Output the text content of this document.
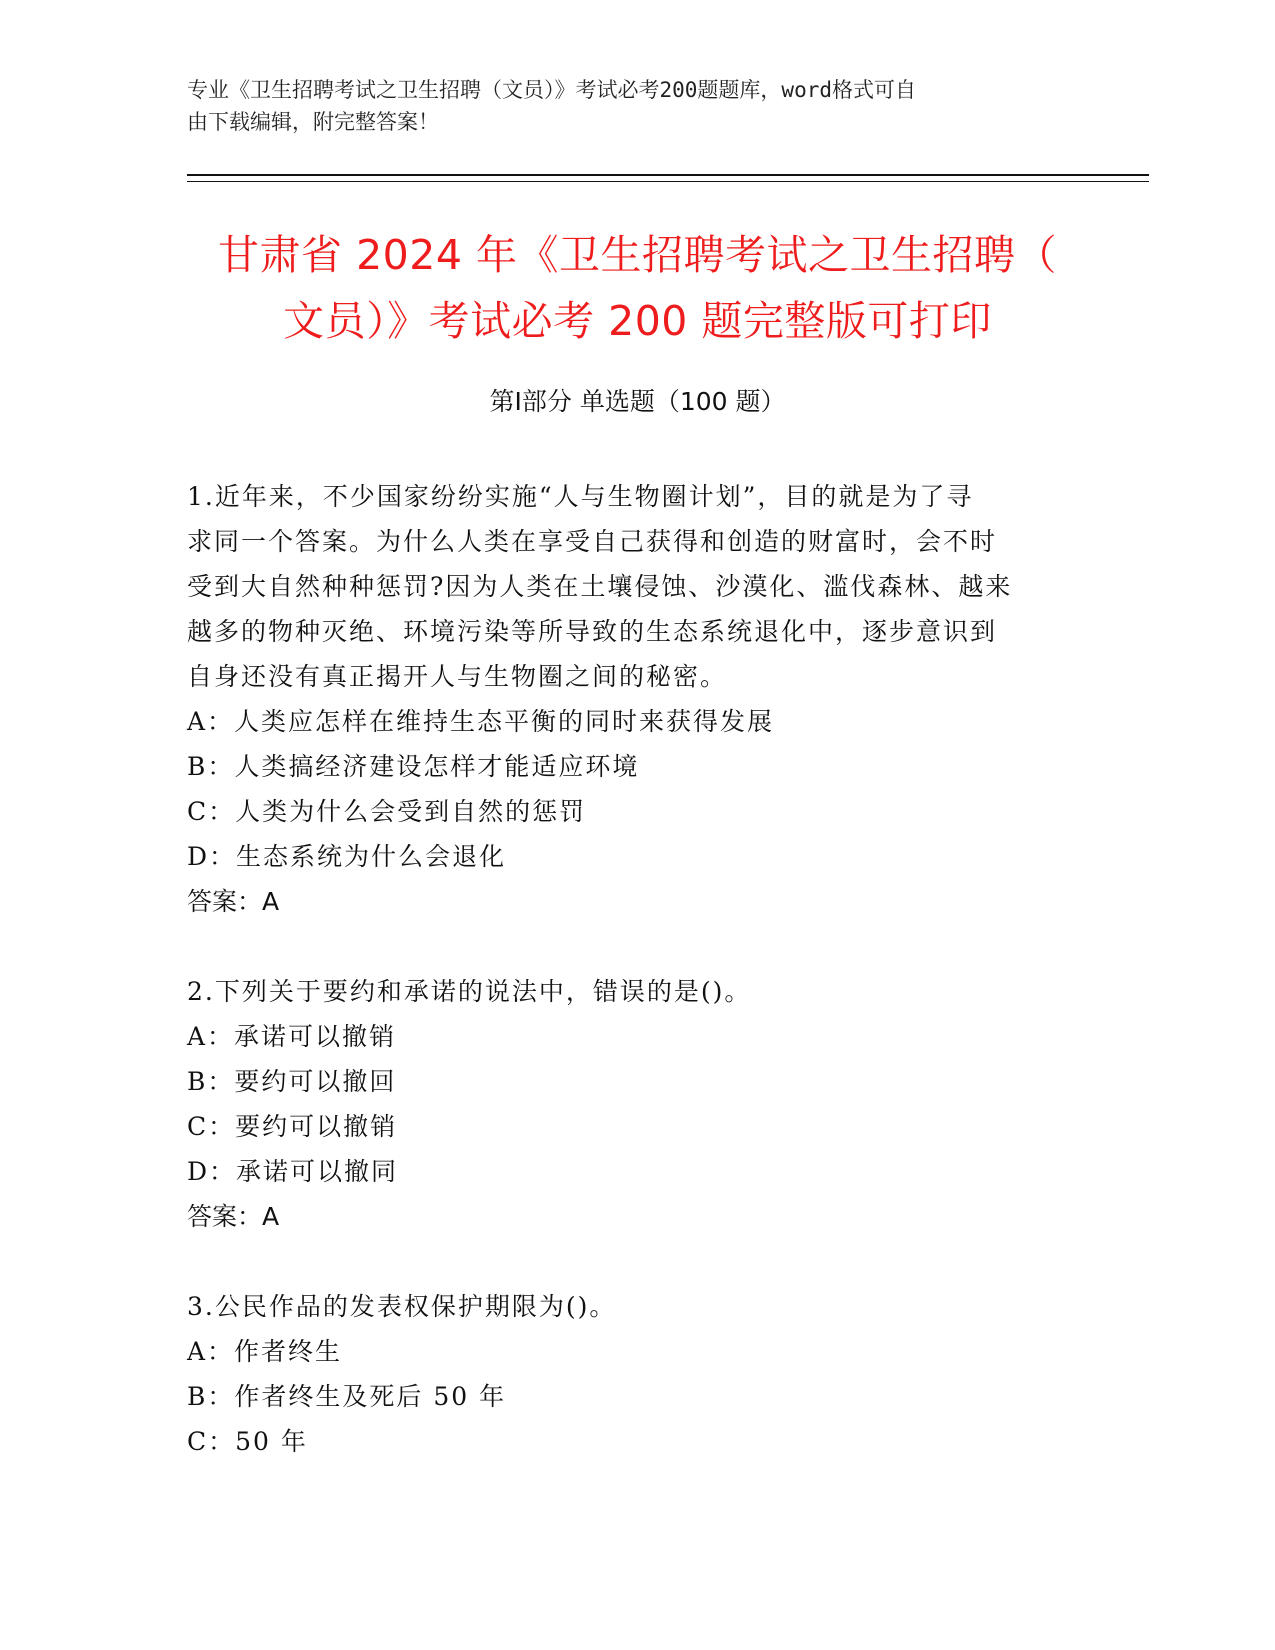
专业《卫生招聘考试之卫生招聘（文员）》考试必考200题题库，word格式可自
由下载编辑，附完整答案！
甘肃省 2024 年《卫生招聘考试之卫生招聘（
文员）》考试必考 200 题完整版可打印
第Ⅰ部分 单选题（100 题）

1.近年来，不少国家纷纷实施“人与生物圈计划”，目的就是为了寻

求同一个答案。为什么人类在享受自己获得和创造的财富时，会不时

受到大自然种种惩罚?因为人类在土壤侵蚀、沙漠化、滥伐森林、越来

越多的物种灭绝、环境污染等所导致的生态系统退化中，逐步意识到

自身还没有真正揭开人与生物圈之间的秘密。

A：人类应怎样在维持生态平衡的同时来获得发展

B：人类搞经济建设怎样才能适应环境

C：人类为什么会受到自然的惩罚

D：生态系统为什么会退化

答案：A

2.下列关于要约和承诺的说法中，错误的是()。

A：承诺可以撤销

B：要约可以撤回

C：要约可以撤销

D：承诺可以撤同

答案：A

3.公民作品的发表权保护期限为()。

A：作者终生

B：作者终生及死后 50 年

C：50 年
